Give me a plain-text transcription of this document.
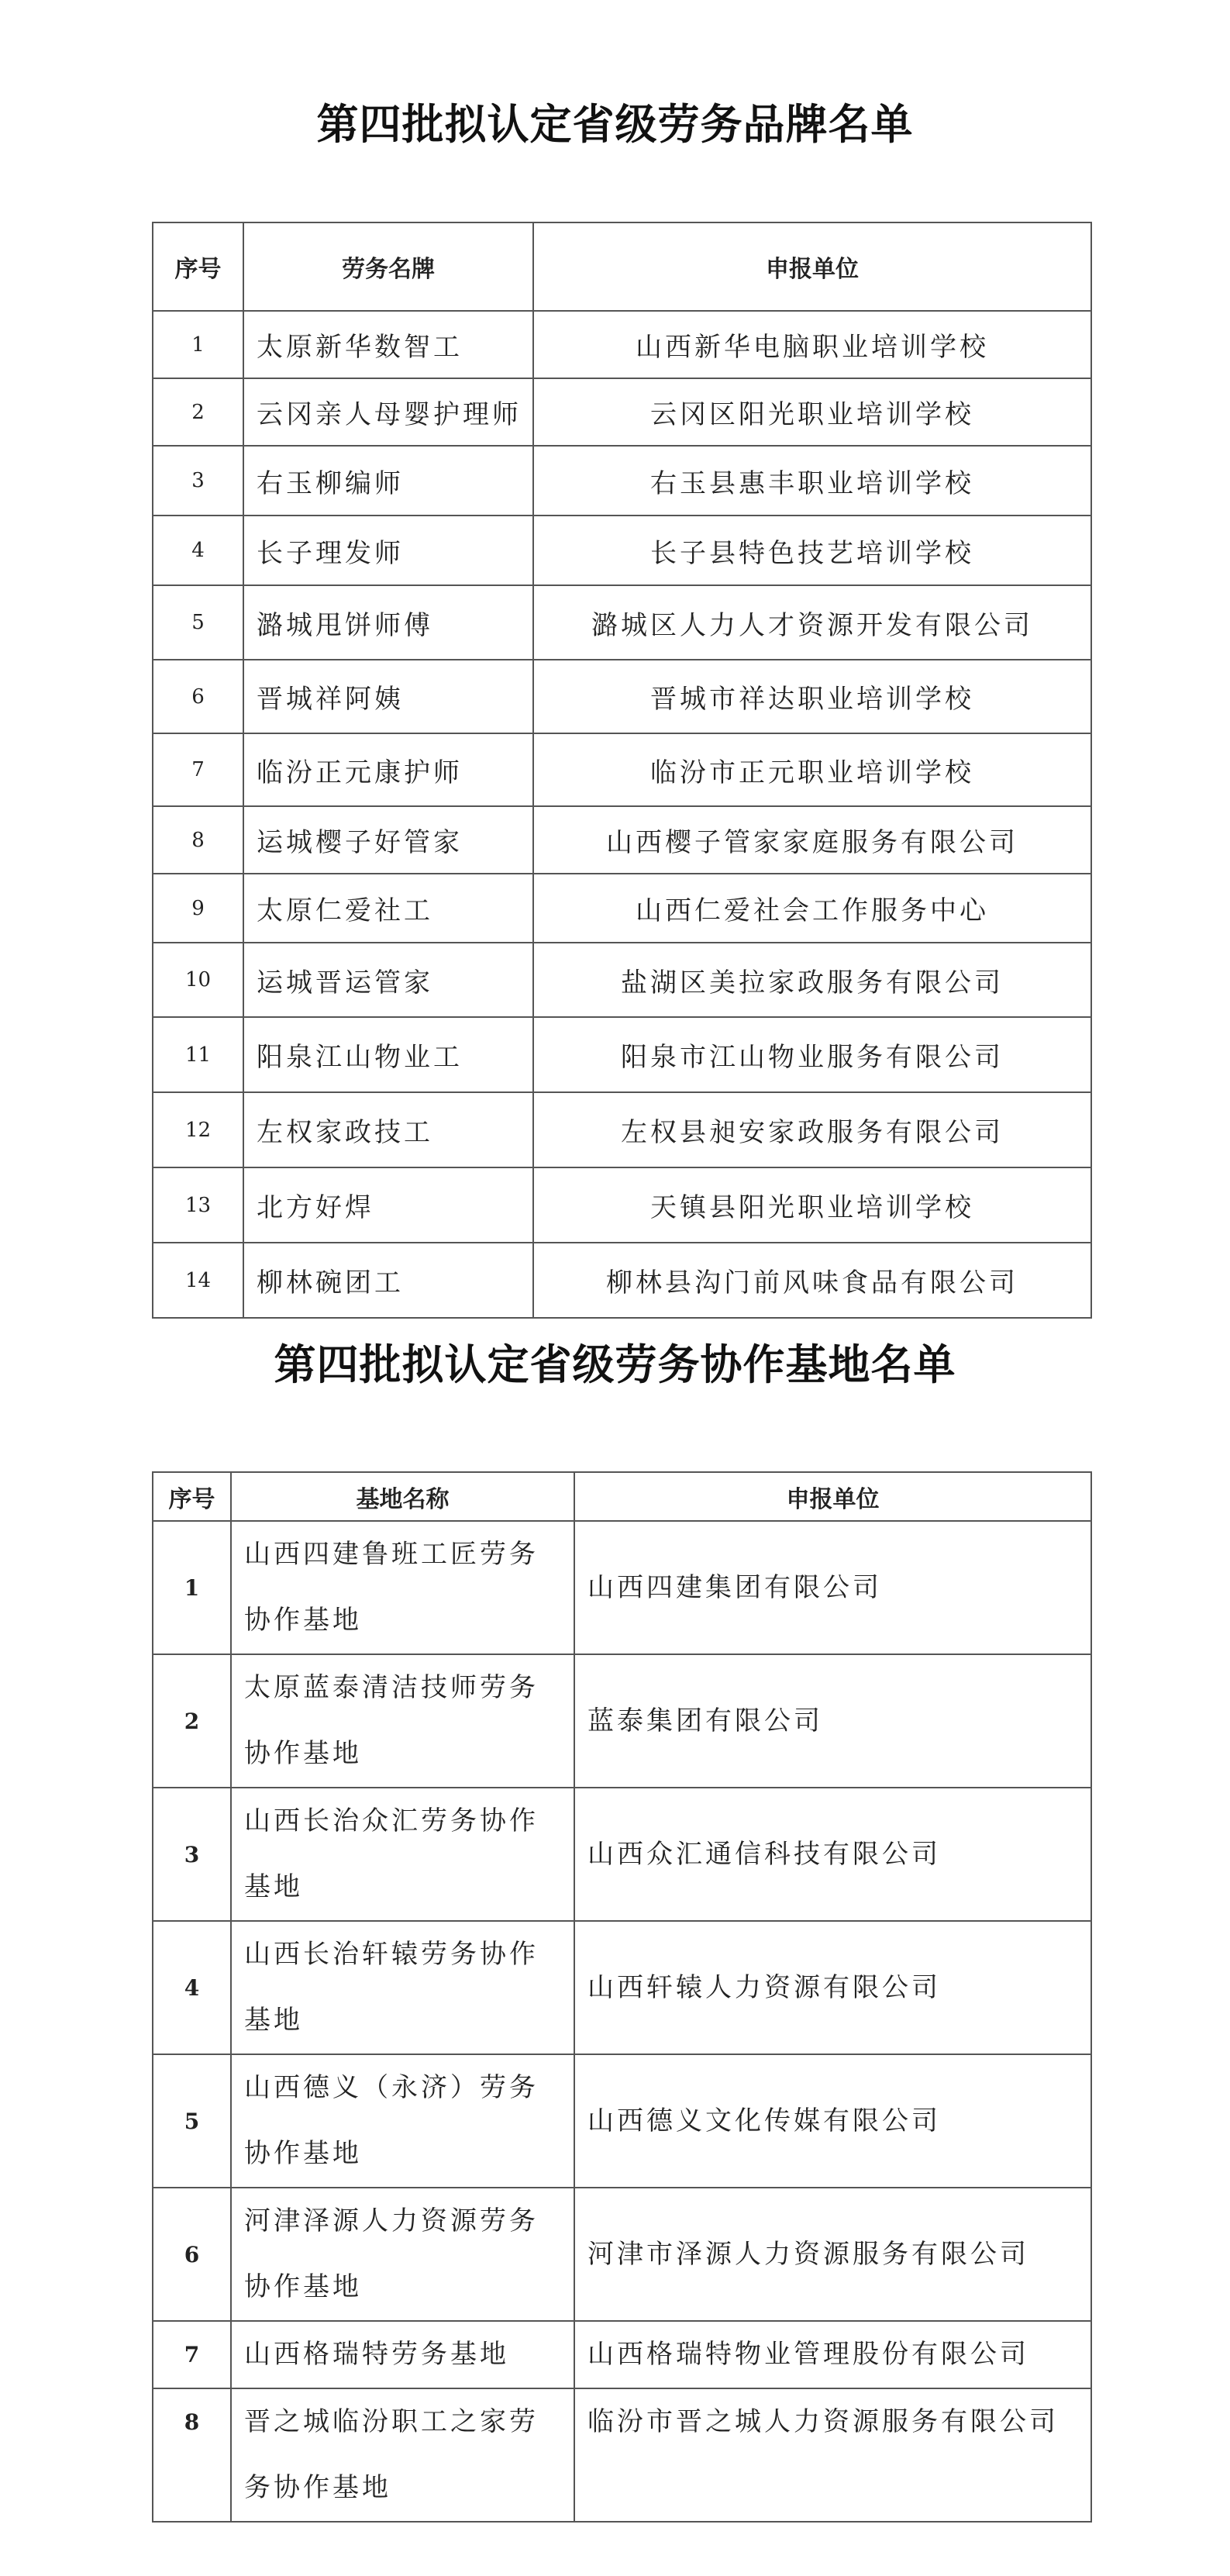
第四批拟认定省级劳务品牌名单
序号	劳务名牌	申报单位
1	太原新华数智工	山西新华电脑职业培训学校
2	云冈亲人母婴护理师	云冈区阳光职业培训学校
3	右玉柳编师	右玉县惠丰职业培训学校
4	长子理发师	长子县特色技艺培训学校
5	潞城甩饼师傅	潞城区人力人才资源开发有限公司
6	晋城祥阿姨	晋城市祥达职业培训学校
7	临汾正元康护师	临汾市正元职业培训学校
8	运城樱子好管家	山西樱子管家家庭服务有限公司
9	太原仁爱社工	山西仁爱社会工作服务中心
10	运城晋运管家	盐湖区美拉家政服务有限公司
11	阳泉江山物业工	阳泉市江山物业服务有限公司
12	左权家政技工	左权县昶安家政服务有限公司
13	北方好焊	天镇县阳光职业培训学校
14	柳林碗团工	柳林县沟门前风味食品有限公司
第四批拟认定省级劳务协作基地名单
序号	基地名称	申报单位
1	山西四建鲁班工匠劳务协作基地	山西四建集团有限公司
2	太原蓝泰清洁技师劳务协作基地	蓝泰集团有限公司
3	山西长治众汇劳务协作基地	山西众汇通信科技有限公司
4	山西长治轩辕劳务协作基地	山西轩辕人力资源有限公司
5	山西德义（永济）劳务协作基地	山西德义文化传媒有限公司
6	河津泽源人力资源劳务协作基地	河津市泽源人力资源服务有限公司
7	山西格瑞特劳务基地	山西格瑞特物业管理股份有限公司
8	晋之城临汾职工之家劳务协作基地	临汾市晋之城人力资源服务有限公司
